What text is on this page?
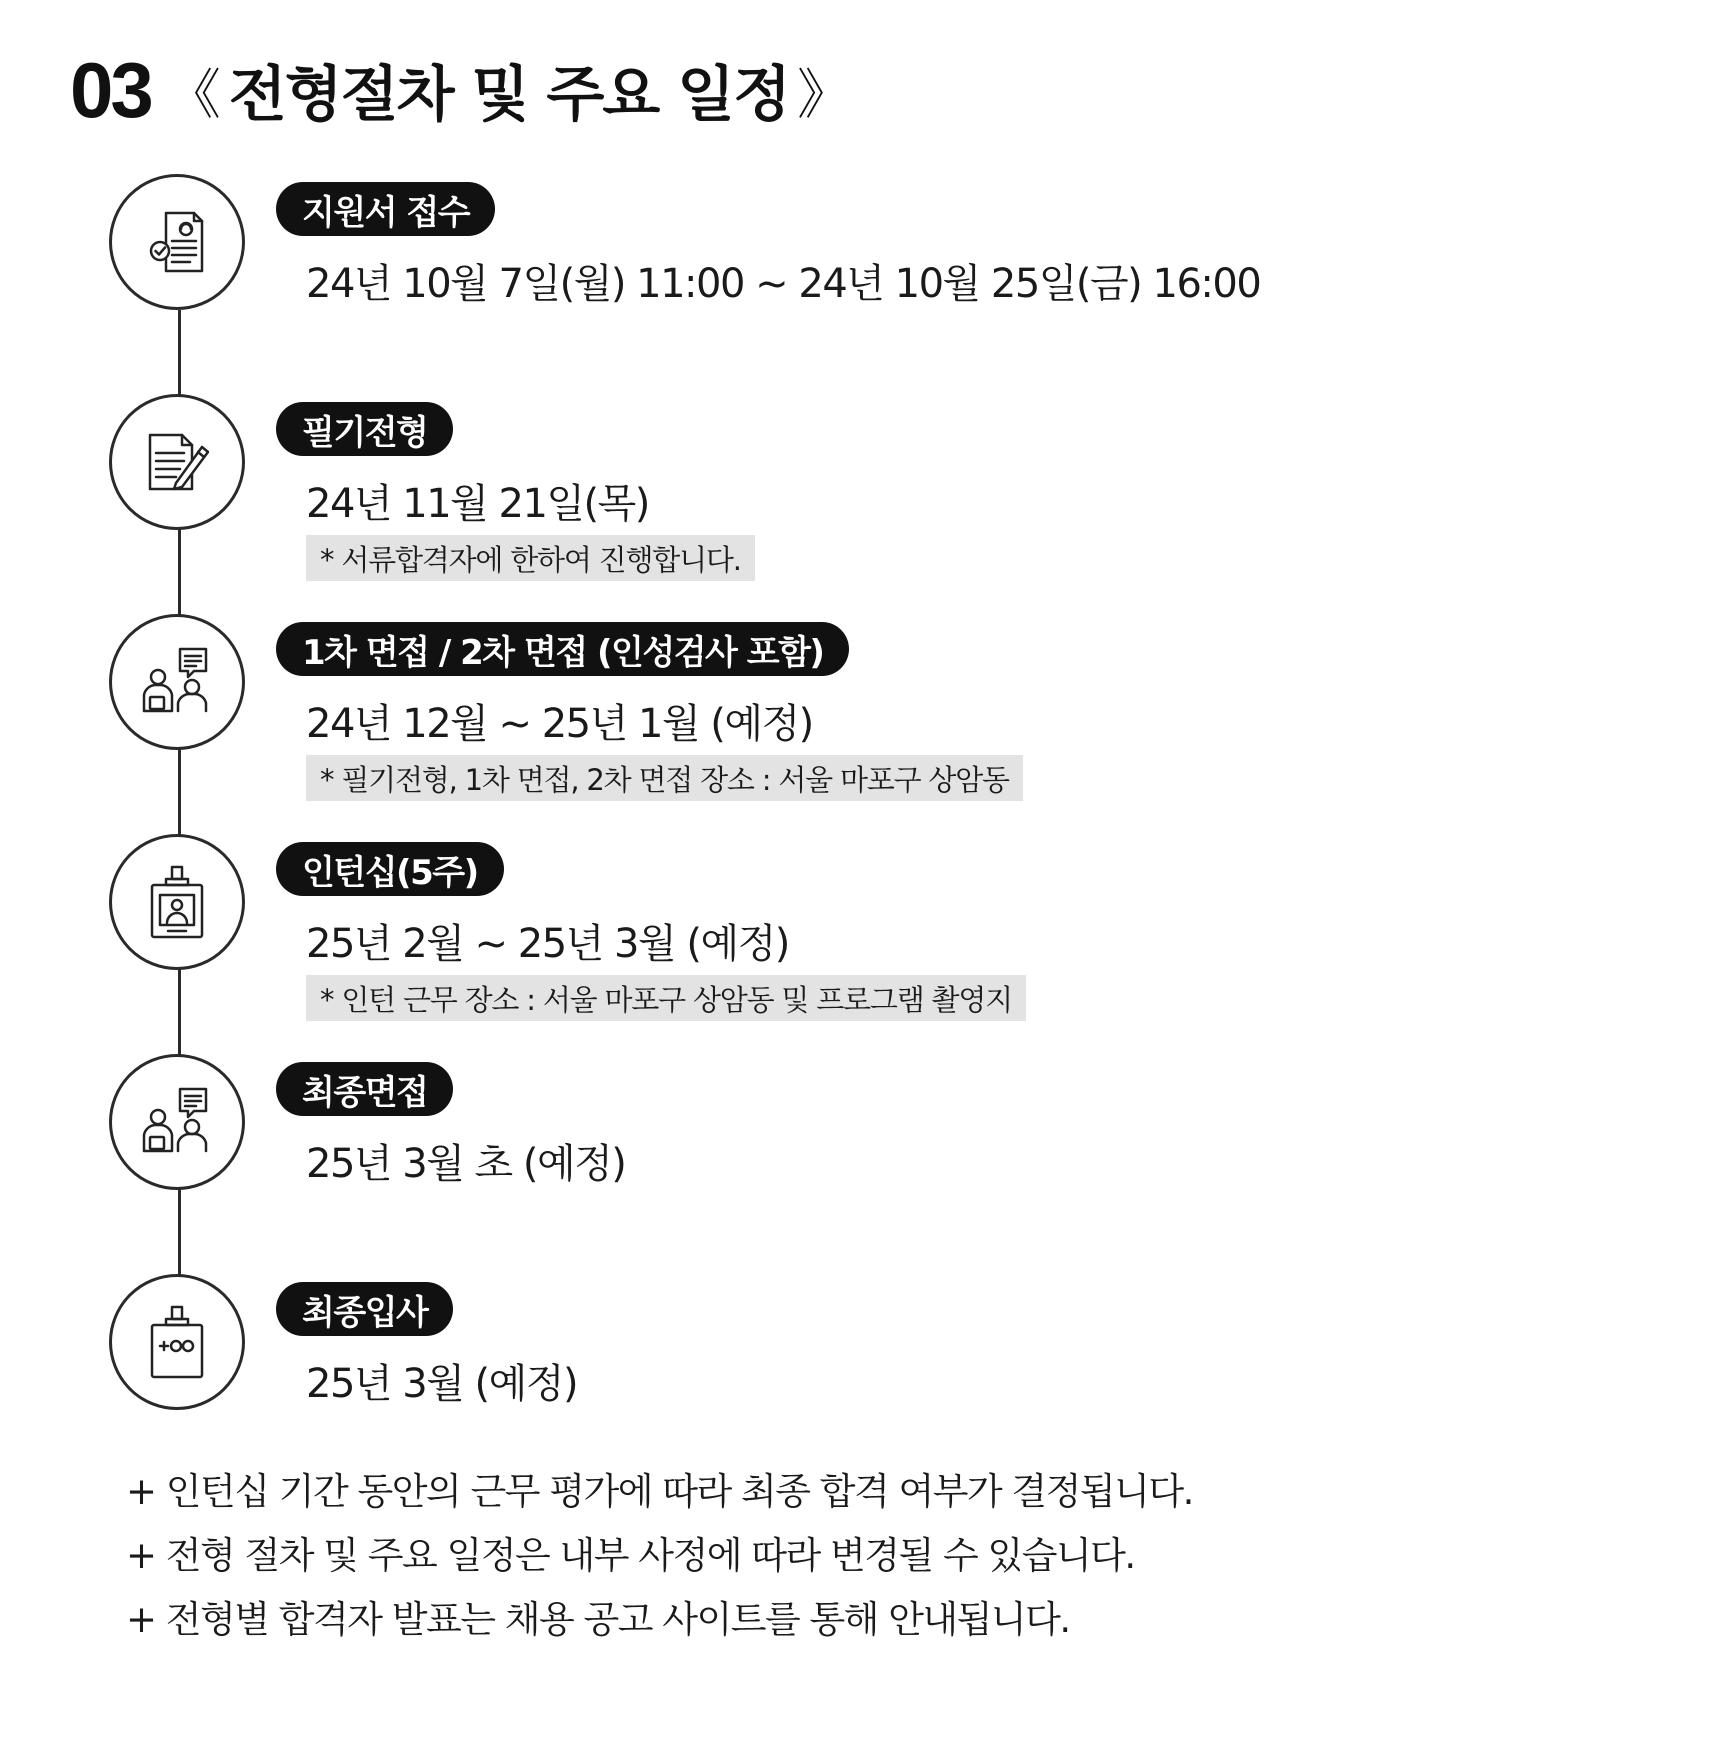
03 《 전형절차 및 주요 일정 》
지원서 접수
24년 10월 7일(월) 11:00 ~ 24년 10월 25일(금) 16:00
필기전형
24년 11월 21일(목)
* 서류합격자에 한하여 진행합니다.
1차 면접 / 2차 면접 (인성검사 포함)
24년 12월 ~ 25년 1월 (예정)
* 필기전형, 1차 면접, 2차 면접 장소 : 서울 마포구 상암동
인턴십(5주)
25년 2월 ~ 25년 3월 (예정)
* 인턴 근무 장소 : 서울 마포구 상암동 및 프로그램 촬영지
최종면접
25년 3월 초 (예정)
최종입사
25년 3월 (예정)
+ 인턴십 기간 동안의 근무 평가에 따라 최종 합격 여부가 결정됩니다.
+ 전형 절차 및 주요 일정은 내부 사정에 따라 변경될 수 있습니다.
+ 전형별 합격자 발표는 채용 공고 사이트를 통해 안내됩니다.
